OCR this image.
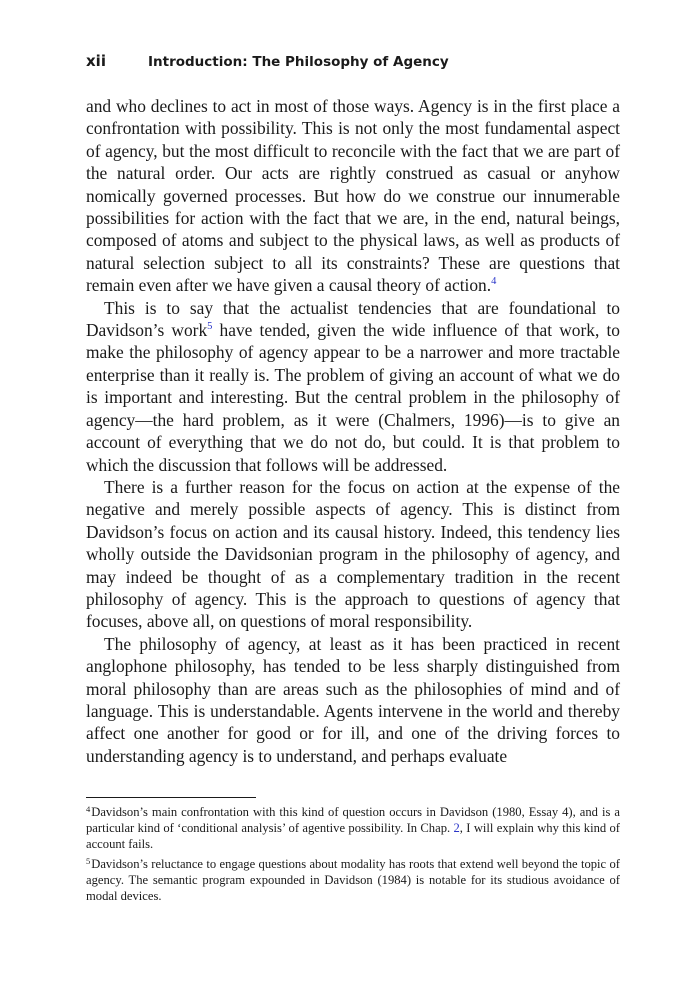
xii	Introduction: The Philosophy of Agency

and who declines to act in most of those ways. Agency is in the first place a confrontation with possibility. This is not only the most fundamental aspect of agency, but the most difficult to reconcile with the fact that we are part of the natural order. Our acts are rightly construed as casual or anyhow nomically governed processes. But how do we construe our innumerable possibilities for action with the fact that we are, in the end, natural beings, composed of atoms and subject to the physical laws, as well as products of natural selection subject to all its constraints? These are questions that remain even after we have given a causal theory of action.$^4$

This is to say that the actualist tendencies that are foundational to Davidson’s work$^5$ have tended, given the wide influence of that work, to make the philosophy of agency appear to be a narrower and more tractable enterprise than it really is. The problem of giving an account of what we do is important and interesting. But the central problem in the philosophy of agency—the hard problem, as it were (Chalmers, 1996)—is to give an account of everything that we do not do, but could. It is that problem to which the discussion that follows will be addressed.

There is a further reason for the focus on action at the expense of the negative and merely possible aspects of agency. This is distinct from Davidson’s focus on action and its causal history. Indeed, this tendency lies wholly outside the Davidsonian program in the philosophy of agency, and may indeed be thought of as a complementary tradition in the recent philosophy of agency. This is the approach to questions of agency that focuses, above all, on questions of moral responsibility.

The philosophy of agency, at least as it has been practiced in recent anglophone philosophy, has tended to be less sharply distinguished from moral philosophy than are areas such as the philosophies of mind and of language. This is understandable. Agents intervene in the world and thereby affect one another for good or for ill, and one of the driving forces to understanding agency is to understand, and perhaps evaluate

$^4$Davidson’s main confrontation with this kind of question occurs in Davidson (1980, Essay 4), and is a particular kind of ‘conditional analysis’ of agentive possibility. In Chap. 2, I will explain why this kind of account fails.

$^5$Davidson’s reluctance to engage questions about modality has roots that extend well beyond the topic of agency. The semantic program expounded in Davidson (1984) is notable for its studious avoidance of modal devices.
